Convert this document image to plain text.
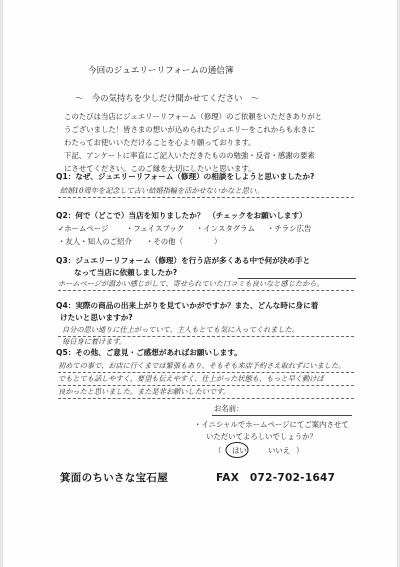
今回のジュエリーリフォームの通信簿
～　今の気持ちを少しだけ聞かせてください　～
このたびは当店にジュエリーリフォーム（修理）のご依頼をいただきありがと
うございました！皆さまの想いが込められたジュエリーをこれからも永きに
わたってお使いいただけることを心より願っております。
下記、アンケートに率直にご記入いただきたものの勉強・反省・感謝の要素
にさせてください。このご縁を大切にしたいと思います。
Q1：なぜ、ジュエリーリフォーム（修理）の相談をしようと思いましたか?
結婚10周年を記念して古い結婚指輪を活かせないかなと思い。
Q2：何で（どこで）当店を知りましたか？　（チェックをお願いします）
✓ホームページ ・フェイスブック ・インスタグラム ・チラシ広告
・友人・知人のご紹介 ・その他（	）
Q3：ジュエリーリフォーム（修理）を行う店が多くある中で何が決め手と
なって当店に依頼しましたか?
ホームページが温かい感じがして、寄せられていた口コミも良いなと感じたから。
Q4：実際の商品の出来上がりを見ていかがですか？また、どんな時に身に着
けたいと思いますか?
自分の思い通りに仕上がっていて、主人もとても気に入ってくれました。
毎日身に着けます。
Q5：その他、ご意見・ご感想があればお願いします。
初めての事で、お店に行くまでは緊張もあり、そもそも来店予約さえ取れずにいました。
でもとても話しやすく、要望も伝えやすく、仕上がった状態も、もっと早く動けば
良かったと思いました。また是非お願いしたいです。
お名前：
・イニシャルでホームページにてご案内させて
いただいてよろしいでしょうか？
（ はい	いいえ ）
箕面のちいさな宝石屋	FAX　072-702-1647
